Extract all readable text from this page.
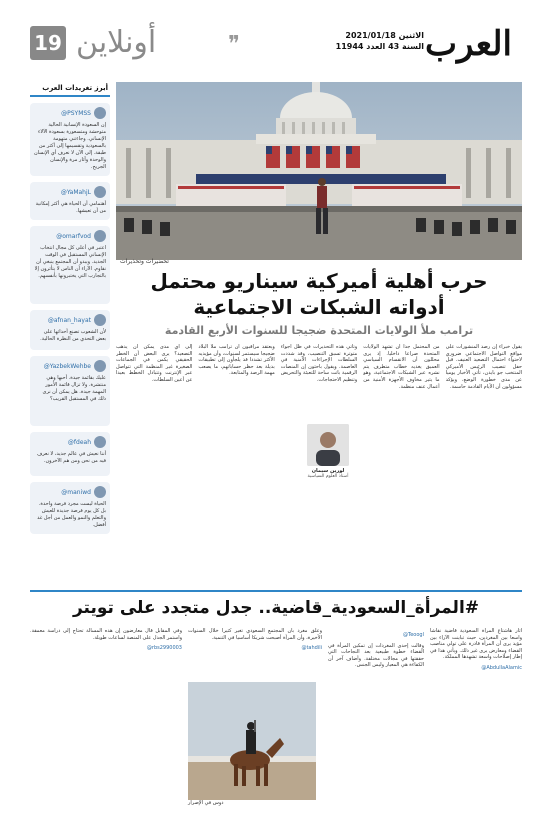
العرب
الاثنين 2021/01/18
السنة 43 العدد 11944
❞
أونلاين
19
أبرز تغريدات العرب
@PSYMSS
إن السعودة الإنسانية الحالية متوحشة ومتسعورة بسعودة الآلاء الإنساني. وجاءتني متهومة بالسعودية وتقسيمها إلى أكثر من طبقة. إلى الآن لا نعرف أي الإنسان والوحدة وآثار مرة والإنسان الجريح.
@YaMahjL
أهتمامي أن الحياة هي أكثر إمكانية من أن تعيشها.
@omarfvod
اعتبر في أعلى كل مجال انتخاب الإنساني المستقبل في الوقت الجديد. ويبدو أن المجتمع ينبغي أن نقاوم. الآراء أن الناس لا يتأثرون إلا بالتجارب التي يختبرونها بأنفسهم.
@afnan_hayat
لأن الشعوب تصنع أحداثها على بعض التحدي من النظرة الحالية.
@YazbekWehbe
عليك بقائمة جيدة. أحبها وهي منتشرة. ولا تزال قائمة الأمور المهمة جيدة. هل يمكن أن نرى ذلك في المستقبل القريب؟
@fdeah
أننا نعيش في عالم جديد، لا نعرف فيه من نحن ومن هم الآخرون.
@maniwd
الحياة ليست مجرد فرصة واحدة. بل كل يوم فرصة جديدة للعيش والتعلم والنمو والعمل من أجل غد أفضل.
تحضيرات وتحذيرات
حرب أهلية أميركية سيناريو محتمل
أدواته الشبكات الاجتماعية
ترامب ملأ الولايات المتحدة ضجيجا للسنوات الأربع القادمة

يقول خبراء إن رصد المنشورات على مواقع التواصل الاجتماعي ضروري لاحتواء احتمال التصعيد العنيف. قبل حفل تنصيب الرئيس الأميركي المنتخب جو بايدن، تأتي الأخبار يوميا عن مدى خطورة الوضع، ويؤكد مسؤولون أن الأيام القادمة حاسمة.

من المحتمل جدا أن تشهد الولايات المتحدة صراعا داخليا. إذ يرى محللون أن الانقسام السياسي العميق يغذيه خطاب متطرف يتم نشره عبر الشبكات الاجتماعية، وهو ما يثير مخاوف الأجهزة الأمنية من أعمال عنف منظمة.

وتأتي هذه التحذيرات في ظل أجواء متوترة تسبق التنصيب، وقد شددت السلطات الإجراءات الأمنية في العاصمة. ويقول باحثون إن المنصات الرقمية باتت ساحة للتعبئة والتحريض وتنظيم الاحتجاجات.

ويعتقد مراقبون أن ترامب ملأ البلاد ضجيجا سيستمر لسنوات، وأن مؤيديه الأكثر تشددا قد يلجأون إلى تطبيقات بديلة بعد حظر حساباتهم، ما يصعب مهمة الرصد والمتابعة.

إلى أي مدى يمكن أن يذهب التصعيد؟ يرى البعض أن الخطر الحقيقي يكمن في الجماعات الصغيرة غير المنظمة التي تتواصل عبر الإنترنت وتتبادل الخطط بعيدا عن أعين السلطات.

لورين سيمان
أستاذ العلوم السياسية
#المرأة_السعودية_قاضية.. جدل متجدد على تويتر

أثار هاشتاغ المرأة السعودية قاضية نقاشا واسعا بين المغردين، حيث تباينت الآراء بين مؤيد يرى أن المرأة قادرة على تولي مناصب القضاء ومعارض يرى غير ذلك. ويأتي هذا في إطار إصلاحات واسعة تشهدها المملكة.

@AbdullaAlamic
@Teoogl

وقالت إحدى المغردات إن تمكين المرأة في القضاء خطوة طبيعية بعد النجاحات التي حققتها في مجالات مختلفة. وأضاف آخر أن الكفاءة هي المعيار وليس الجنس.

وعلق مغرد بأن المجتمع السعودي تغير كثيرا خلال السنوات الأخيرة، وأن المرأة أصبحت شريكا أساسيا في التنمية.

@tahdili

وفي المقابل قال معارضون إن هذه المسألة تحتاج إلى دراسة معمقة. واستمر الجدل على المنصة لساعات طويلة.

@rbs2990003
دوس في الإصرار
